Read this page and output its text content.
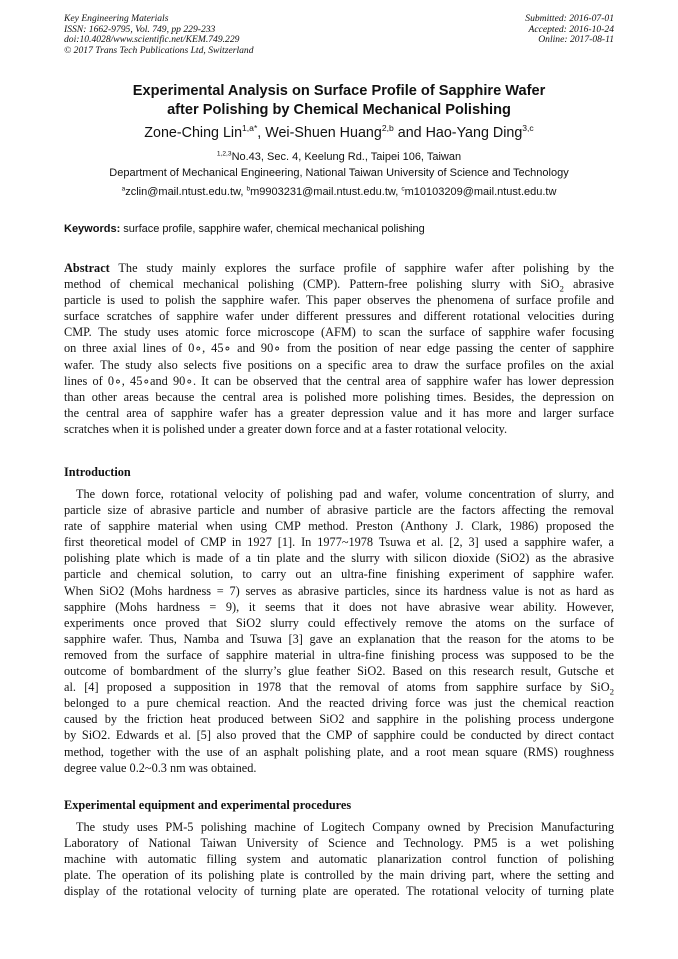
Key Engineering Materials
ISSN: 1662-9795, Vol. 749, pp 229-233
doi:10.4028/www.scientific.net/KEM.749.229
© 2017 Trans Tech Publications Ltd, Switzerland
Submitted: 2016-07-01
Accepted: 2016-10-24
Online: 2017-08-11
Experimental Analysis on Surface Profile of Sapphire Wafer
after Polishing by Chemical Mechanical Polishing
Zone-Ching Lin$^{1,a*}$, Wei-Shuen Huang$^{2,b}$ and Hao-Yang Ding$^{3,c}$
$^{1,2,3}$No.43, Sec. 4, Keelung Rd., Taipei 106, Taiwan
Department of Mechanical Engineering, National Taiwan University of Science and Technology
$^a$zclin@mail.ntust.edu.tw, $^b$m9903231@mail.ntust.edu.tw, $^c$m10103209@mail.ntust.edu.tw
Keywords: surface profile, sapphire wafer, chemical mechanical polishing
Abstract The study mainly explores the surface profile of sapphire wafer after polishing by the
method of chemical mechanical polishing (CMP). Pattern-free polishing slurry with SiO$_2$ abrasive
particle is used to polish the sapphire wafer. This paper observes the phenomena of surface profile and
surface scratches of sapphire wafer under different pressures and different rotational velocities during
CMP. The study uses atomic force microscope (AFM) to scan the surface of sapphire wafer focusing
on three axial lines of 0∘, 45∘ and 90∘ from the position of near edge passing the center of sapphire
wafer. The study also selects five positions on a specific area to draw the surface profiles on the axial
lines of 0∘, 45∘and 90∘. It can be observed that the central area of sapphire wafer has lower depression
than other areas because the central area is polished more polishing times. Besides, the depression on
the central area of sapphire wafer has a greater depression value and it has more and larger surface
scratches when it is polished under a greater down force and at a faster rotational velocity.
Introduction
The down force, rotational velocity of polishing pad and wafer, volume concentration of slurry, and
particle size of abrasive particle and number of abrasive particle are the factors affecting the removal
rate of sapphire material when using CMP method. Preston (Anthony J. Clark, 1986) proposed the
first theoretical model of CMP in 1927 [1]. In 1977~1978 Tsuwa et al. [2, 3] used a sapphire wafer, a
polishing plate which is made of a tin plate and the slurry with silicon dioxide (SiO2) as the abrasive
particle and chemical solution, to carry out an ultra-fine finishing experiment of sapphire wafer.
When SiO2 (Mohs hardness = 7) serves as abrasive particles, since its hardness value is not as hard as
sapphire (Mohs hardness = 9), it seems that it does not have abrasive wear ability. However,
experiments once proved that SiO2 slurry could effectively remove the atoms on the surface of
sapphire wafer. Thus, Namba and Tsuwa [3] gave an explanation that the reason for the atoms to be
removed from the surface of sapphire material in ultra-fine finishing process was supposed to be the
outcome of bombardment of the slurry’s glue feather SiO2. Based on this research result, Gutsche et
al. [4] proposed a supposition in 1978 that the removal of atoms from sapphire surface by SiO$_2$
belonged to a pure chemical reaction. And the reacted driving force was just the chemical reaction
caused by the friction heat produced between SiO2 and sapphire in the polishing process undergone
by SiO2. Edwards et al. [5] also proved that the CMP of sapphire could be conducted by direct contact
method, together with the use of an asphalt polishing plate, and a root mean square (RMS) roughness
degree value 0.2~0.3 nm was obtained.
Experimental equipment and experimental procedures
The study uses PM-5 polishing machine of Logitech Company owned by Precision Manufacturing
Laboratory of National Taiwan University of Science and Technology. PM5 is a wet polishing
machine with automatic filling system and automatic planarization control function of polishing
plate. The operation of its polishing plate is controlled by the main driving part, where the setting and
display of the rotational velocity of turning plate are operated. The rotational velocity of turning plate
